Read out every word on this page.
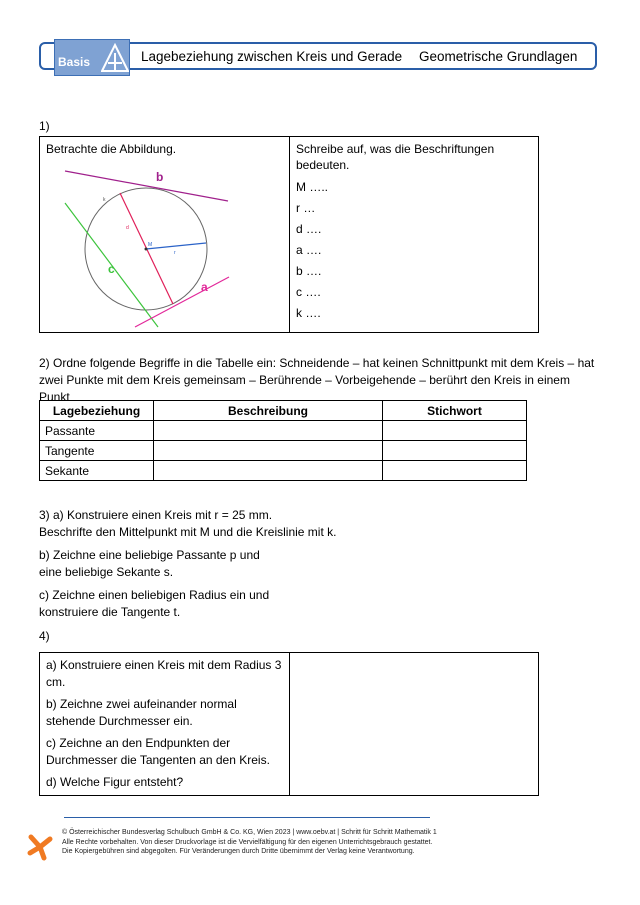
Basis	Lagebeziehung zwischen Kreis und Gerade Geometrische Grundlagen
1)
Betrachte die Abbildung.
b
a
c
k
M
r
d

Schreibe auf, was die Beschriftungen bedeuten.
M …..
r …
d ….
a ….
b ….
c ….
k ….
2) Ordne folgende Begriffe in die Tabelle ein: Schneidende – hat keinen Schnittpunkt mit dem Kreis – hat zwei Punkte mit dem Kreis gemeinsam – Berührende – Vorbeigehende – berührt den Kreis in einem Punkt
Lagebeziehung	Beschreibung	Stichwort
Passante		
Tangente		
Sekante		
3) a) Konstruiere einen Kreis mit r = 25 mm.
Beschrifte den Mittelpunkt mit M und die Kreislinie mit k.
b) Zeichne eine beliebige Passante p und
eine beliebige Sekante s.
c) Zeichne einen beliebigen Radius ein und
konstruiere die Tangente t.
4)
a) Konstruiere einen Kreis mit dem Radius 3 cm.
b) Zeichne zwei aufeinander normal stehende Durchmesser ein.
c) Zeichne an den Endpunkten der Durchmesser die Tangenten an den Kreis.
d) Welche Figur entsteht?

© Österreichischer Bundesverlag Schulbuch GmbH & Co. KG, Wien 2023 | www.oebv.at | Schritt für Schritt Mathematik 1 Alle Rechte vorbehalten. Von dieser Druckvorlage ist die Vervielfältigung für den eigenen Unterrichtsgebrauch gestattet. Die Kopiergebühren sind abgegolten. Für Veränderungen durch Dritte übernimmt der Verlag keine Verantwortung.
